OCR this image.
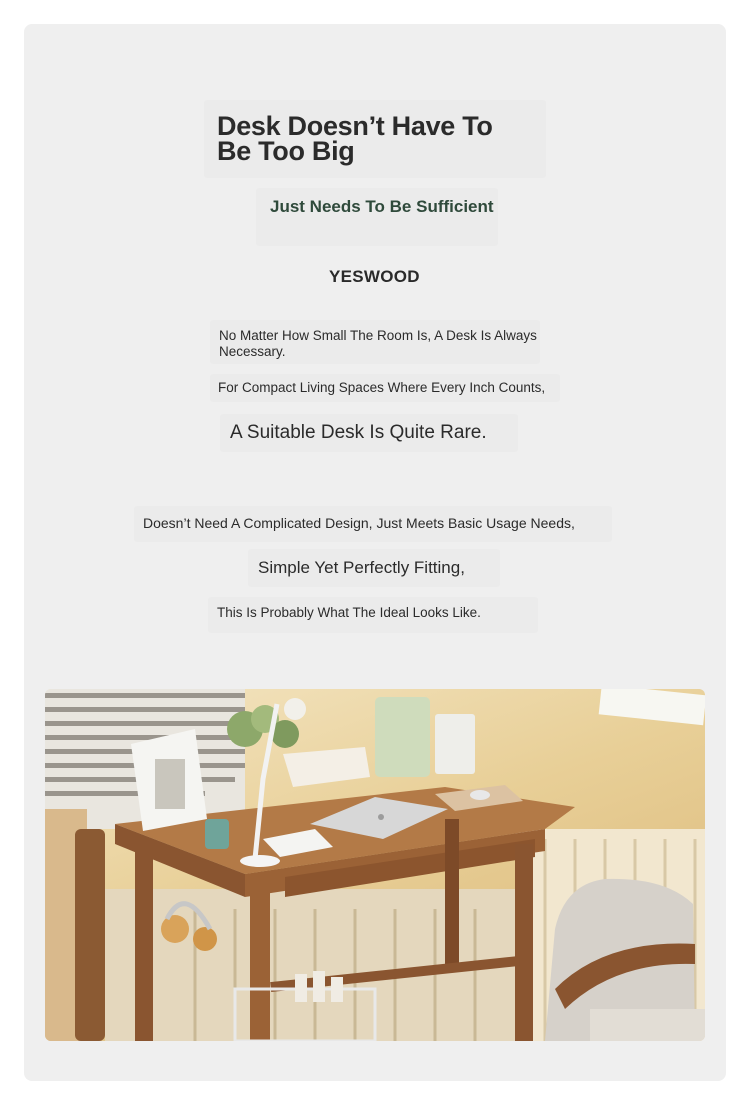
Desk Doesn’t Have To
Be Too Big
Just Needs To Be Sufficient
YESWOOD
No Matter How Small The Room Is, A Desk Is Always Necessary.
For Compact Living Spaces Where Every Inch Counts,
A Suitable Desk Is Quite Rare.
Doesn’t Need A Complicated Design, Just Meets Basic Usage Needs,
Simple Yet Perfectly Fitting,
This Is Probably What The Ideal Looks Like.
